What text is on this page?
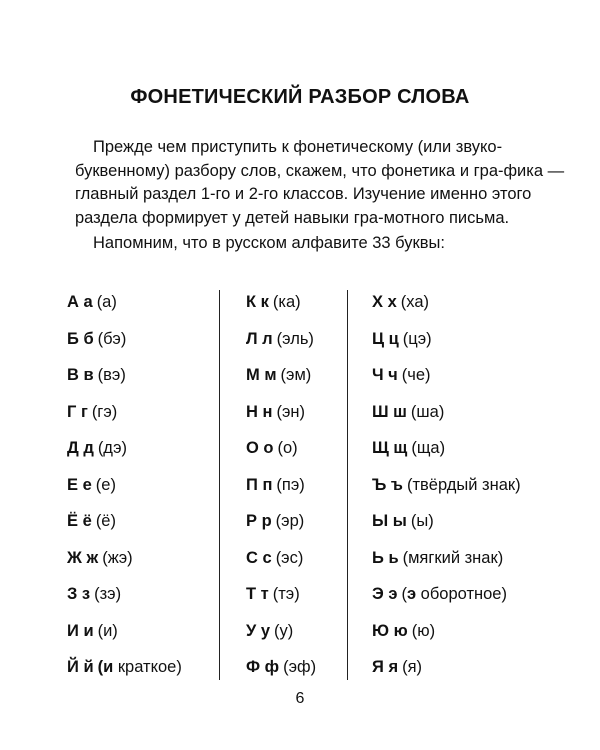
ФОНЕТИЧЕСКИЙ РАЗБОР СЛОВА

Прежде чем приступить к фонетическому (или звуко-буквенному) разбору слов, скажем, что фонетика и гра-фика — главный раздел 1-го и 2-го классов. Изучение именно этого раздела формирует у детей навыки гра-мотного письма.

Напомним, что в русском алфавите 33 буквы:

А а (а)
Б б (бэ)
В в (вэ)
Г г (гэ)
Д д (дэ)
Е е (е)
Ё ё (ё)
Ж ж (жэ)
З з (зэ)
И и (и)
Й й (и краткое)
К к (ка)
Л л (эль)
М м (эм)
Н н (эн)
О о (о)
П п (пэ)
Р р (эр)
С с (эс)
Т т (тэ)
У у (у)
Ф ф (эф)
Х х (ха)
Ц ц (цэ)
Ч ч (че)
Ш ш (ша)
Щ щ (ща)
Ъ ъ (твёрдый знак)
Ы ы (ы)
Ь ь (мягкий знак)
Э э (э оборотное)
Ю ю (ю)
Я я (я)
6
